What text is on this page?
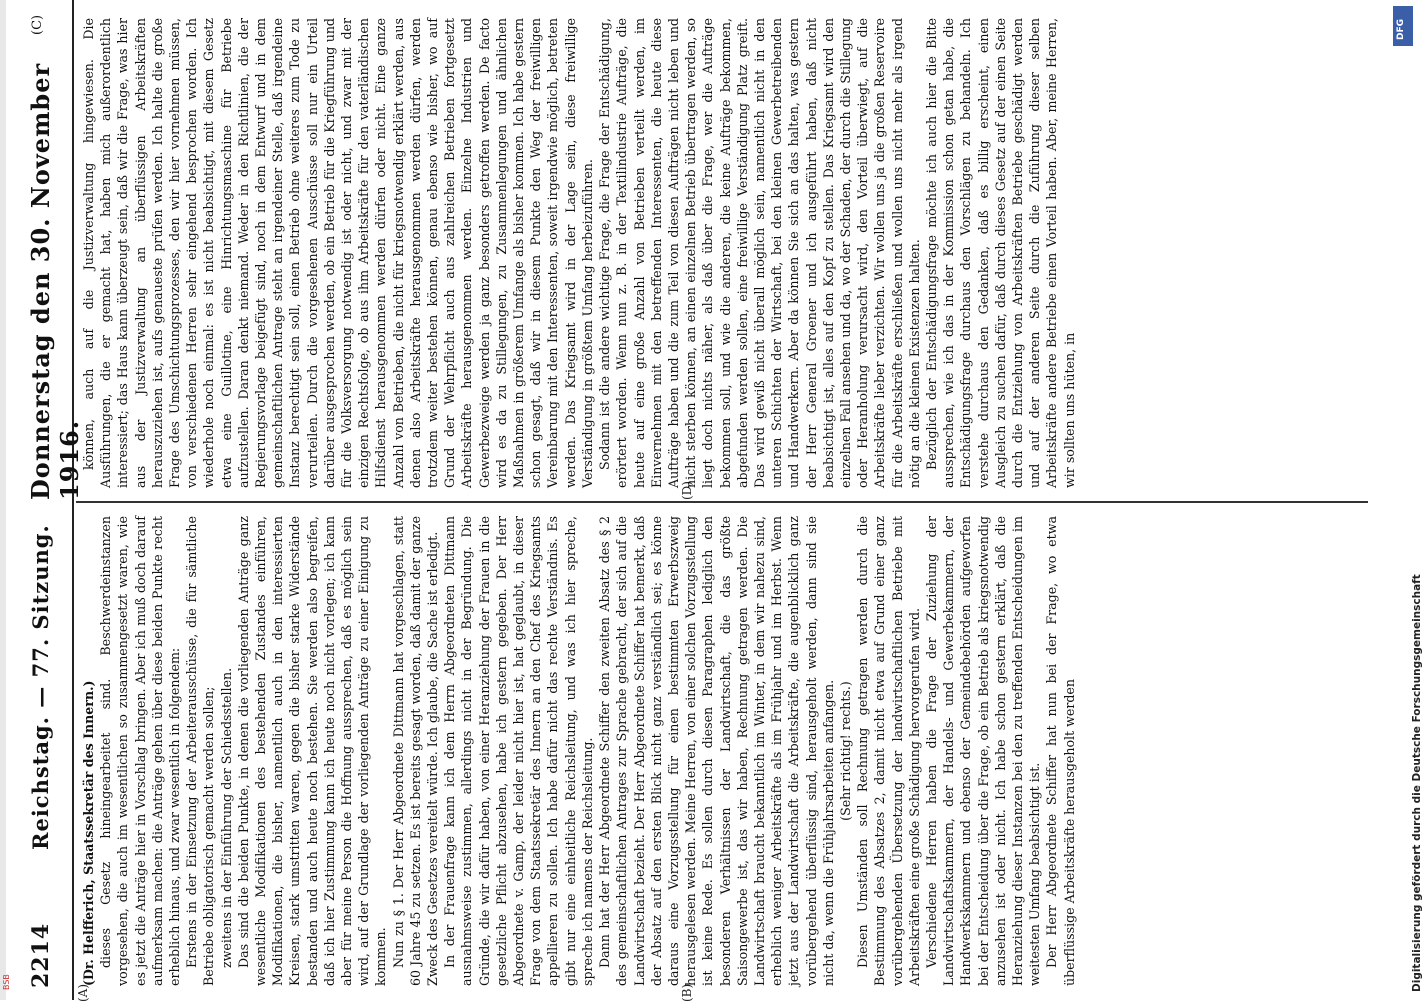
2214
Reichstag. — 77. Sitzung.
Donnerstag den 30. November 1916.
(C)
(A)	(B)
(D)

(Dr. Helfferich, Staatssekretär des Innern.) dieses Gesetz hineingearbeitet sind. Beschwerdeinstanzen vorgesehen, die auch im wesentlichen so zusammengesetzt waren, wie es jetzt die Anträge hier in Vorschlag bringen. Aber ich muß doch darauf aufmerksam machen: die Anträge gehen über diese beiden Punkte recht erheblich hinaus, und zwar wesentlich in folgendem: Erstens in der Einsetzung der Arbeiterausschüsse, die für sämtliche Betriebe obligatorisch gemacht werden sollen; zweitens in der Einführung der Schiedsstellen. Das sind die beiden Punkte, in denen die vorliegenden Anträge ganz wesentliche Modifikationen des bestehenden Zustandes einführen, Modifikationen, die bisher, namentlich auch in den interessierten Kreisen, stark umstritten waren, gegen die bisher starke Widerstände bestanden und auch heute noch bestehen. Sie werden also begreifen, daß ich hier Zustimmung kann ich heute noch nicht vorlegen; ich kann aber für meine Person die Hoffnung aussprechen, daß es möglich sein wird, auf der Grundlage der vorliegenden Anträge zu einer Einigung zu kommen. Nun zu § 1. Der Herr Abgeordnete Dittmann hat vorgeschlagen, statt 60 Jahre 45 zu setzen. Es ist bereits gesagt worden, daß damit der ganze Zweck des Gesetzes vereitelt würde. Ich glaube, die Sache ist erledigt. In der Frauenfrage kann ich dem Herrn Abgeordneten Dittmann ausnahmsweise zustimmen, allerdings nicht in der Begründung. Die Gründe, die wir dafür haben, von einer Heranziehung der Frauen in die gesetzliche Pflicht abzusehen, habe ich gestern gegeben. Der Herr Abgeordnete v. Gamp, der leider nicht hier ist, hat geglaubt, in dieser Frage von dem Staatssekretär des Innern an den Chef des Kriegsamts appellieren zu sollen. Ich habe dafür nicht das rechte Verständnis. Es gibt nur eine einheitliche Reichsleitung, und was ich hier spreche, spreche ich namens der Reichsleitung. Dann hat der Herr Abgeordnete Schiffer den zweiten Absatz des § 2 des gemeinschaftlichen Antrages zur Sprache gebracht, der sich auf die Landwirtschaft bezieht. Der Herr Abgeordnete Schiffer hat bemerkt, daß der Absatz auf den ersten Blick nicht ganz verständlich sei; es könne daraus eine Vorzugsstellung für einen bestimmten Erwerbszweig herausgelesen werden. Meine Herren, von einer solchen Vorzugsstellung ist keine Rede. Es sollen durch diesen Paragraphen lediglich den besonderen Verhältnissen der Landwirtschaft, die das größte Saisongewerbe ist, das wir haben, Rechnung getragen werden. Die Landwirtschaft braucht bekanntlich im Winter, in dem wir nahezu sind, erheblich weniger Arbeitskräfte als im Frühjahr und im Herbst. Wenn jetzt aus der Landwirtschaft die Arbeitskräfte, die augenblicklich ganz vorübergehend überflüssig sind, herausgeholt werden, dann sind sie nicht da, wenn die Frühjahrsarbeiten anfangen. (Sehr richtig! rechts.) Diesen Umständen soll Rechnung getragen werden durch die Bestimmung des Absatzes 2, damit nicht etwa auf Grund einer ganz vorübergehenden Übersetzung der landwirtschaftlichen Betriebe mit Arbeitskräften eine große Schädigung hervorgerufen wird. Verschiedene Herren haben die Frage der Zuziehung der Landwirtschaftskammern, der Handels- und Gewerbekammern, der Handwerkskammern und ebenso der Gemeindebehörden aufgeworfen bei der Entscheidung über die Frage, ob ein Betrieb als kriegsnotwendig anzusehen ist oder nicht. Ich habe schon gestern erklärt, daß die Heranziehung dieser Instanzen bei den zu treffenden Entscheidungen im weitesten Umfang beabsichtigt ist. Der Herr Abgeordnete Schiffer hat nun bei der Frage, wo etwa überflüssige Arbeitskräfte herausgeholt werden

können, auch auf die Justizverwaltung hingewiesen. Die Ausführungen, die er gemacht hat, haben mich außerordentlich interessiert; das Haus kann überzeugt sein, daß wir die Frage, was hier aus der Justizverwaltung an überflüssigen Arbeitskräften herauszuziehen ist, aufs genaueste prüfen werden. Ich halte die große Frage des Umschichtungsprozesses, den wir hier vornehmen müssen, von verschiedenen Herren sehr eingehend besprochen worden. Ich wiederhole noch einmal: es ist nicht beabsichtigt, mit diesem Gesetz etwa eine Guillotine, eine Hinrichtungsmaschine für Betriebe aufzustellen. Daran denkt niemand. Weder in den Richtlinien, die der Regierungsvorlage beigefügt sind, noch in dem Entwurf und in dem gemeinschaftlichen Antrage steht an irgendeiner Stelle, daß irgendeine Instanz berechtigt sein soll, einen Betrieb ohne weiteres zum Tode zu verurteilen. Durch die vorgesehenen Ausschüsse soll nur ein Urteil darüber ausgesprochen werden, ob ein Betrieb für die Kriegführung und für die Volksversorgung notwendig ist oder nicht, und zwar mit der einzigen Rechtsfolge, ob aus ihm Arbeitskräfte für den vaterländischen Hilfsdienst herausgenommen werden dürfen oder nicht. Eine ganze Anzahl von Betrieben, die nicht für kriegsnotwendig erklärt werden, aus denen also Arbeitskräfte herausgenommen werden dürfen, werden trotzdem weiter bestehen können, genau ebenso wie bisher, wo auf Grund der Wehrpflicht auch aus zahlreichen Betrieben fortgesetzt Arbeitskräfte herausgenommen werden. Einzelne Industrien und Gewerbezweige werden ja ganz besonders getroffen werden. De facto wird es da zu Stillegungen, zu Zusammenlegungen und ähnlichen Maßnahmen in größerem Umfange als bisher kommen. Ich habe gestern schon gesagt, daß wir in diesem Punkte den Weg der freiwilligen Vereinbarung mit den Interessenten, soweit irgendwie möglich, betreten werden. Das Kriegsamt wird in der Lage sein, diese freiwillige Verständigung in größtem Umfang herbeizuführen. Sodann ist die andere wichtige Frage, die Frage der Entschädigung, erörtert worden. Wenn nun z. B. in der Textilindustrie Aufträge, die heute auf eine große Anzahl von Betrieben verteilt werden, im Einvernehmen mit den betreffenden Interessenten, die heute diese Aufträge haben und die zum Teil von diesen Aufträgen nicht leben und nicht sterben können, an einen einzelnen Betrieb übertragen werden, so liegt doch nichts näher, als daß über die Frage, wer die Aufträge bekommen soll, und wie die anderen, die keine Aufträge bekommen, abgefunden werden sollen, eine freiwillige Verständigung Platz greift. Das wird gewiß nicht überall möglich sein, namentlich nicht in den unteren Schichten der Wirtschaft, bei den kleinen Gewerbetreibenden und Handwerkern. Aber da können Sie sich an das halten, was gestern der Herr General Groener und ich ausgeführt haben, daß nicht beabsichtigt ist, alles auf den Kopf zu stellen. Das Kriegsamt wird den einzelnen Fall ansehen und da, wo der Schaden, der durch die Stillegung oder Heranholung verursacht wird, den Vorteil überwiegt, auf die Arbeitskräfte lieber verzichten. Wir wollen uns ja die großen Reservoire für die Arbeitskräfte erschließen und wollen uns nicht mehr als irgend nötig an die kleinen Existenzen halten. Bezüglich der Entschädigungsfrage möchte ich auch hier die Bitte aussprechen, wie ich das in der Kommission schon getan habe, die Entschädigungsfrage durchaus den Vorschlägen zu behandeln. Ich verstehe durchaus den Gedanken, daß es billig erscheint, einen Ausgleich zu suchen dafür, daß durch dieses Gesetz auf der einen Seite durch die Entziehung von Arbeitskräften Betriebe geschädigt werden und auf der anderen Seite durch die Zuführung dieser selben Arbeitskräfte andere Betriebe einen Vorteil haben. Aber, meine Herren, wir sollten uns hüten, in

Digitalisierung gefördert durch die Deutsche Forschungsgemeinschaft
DFG
BSB
